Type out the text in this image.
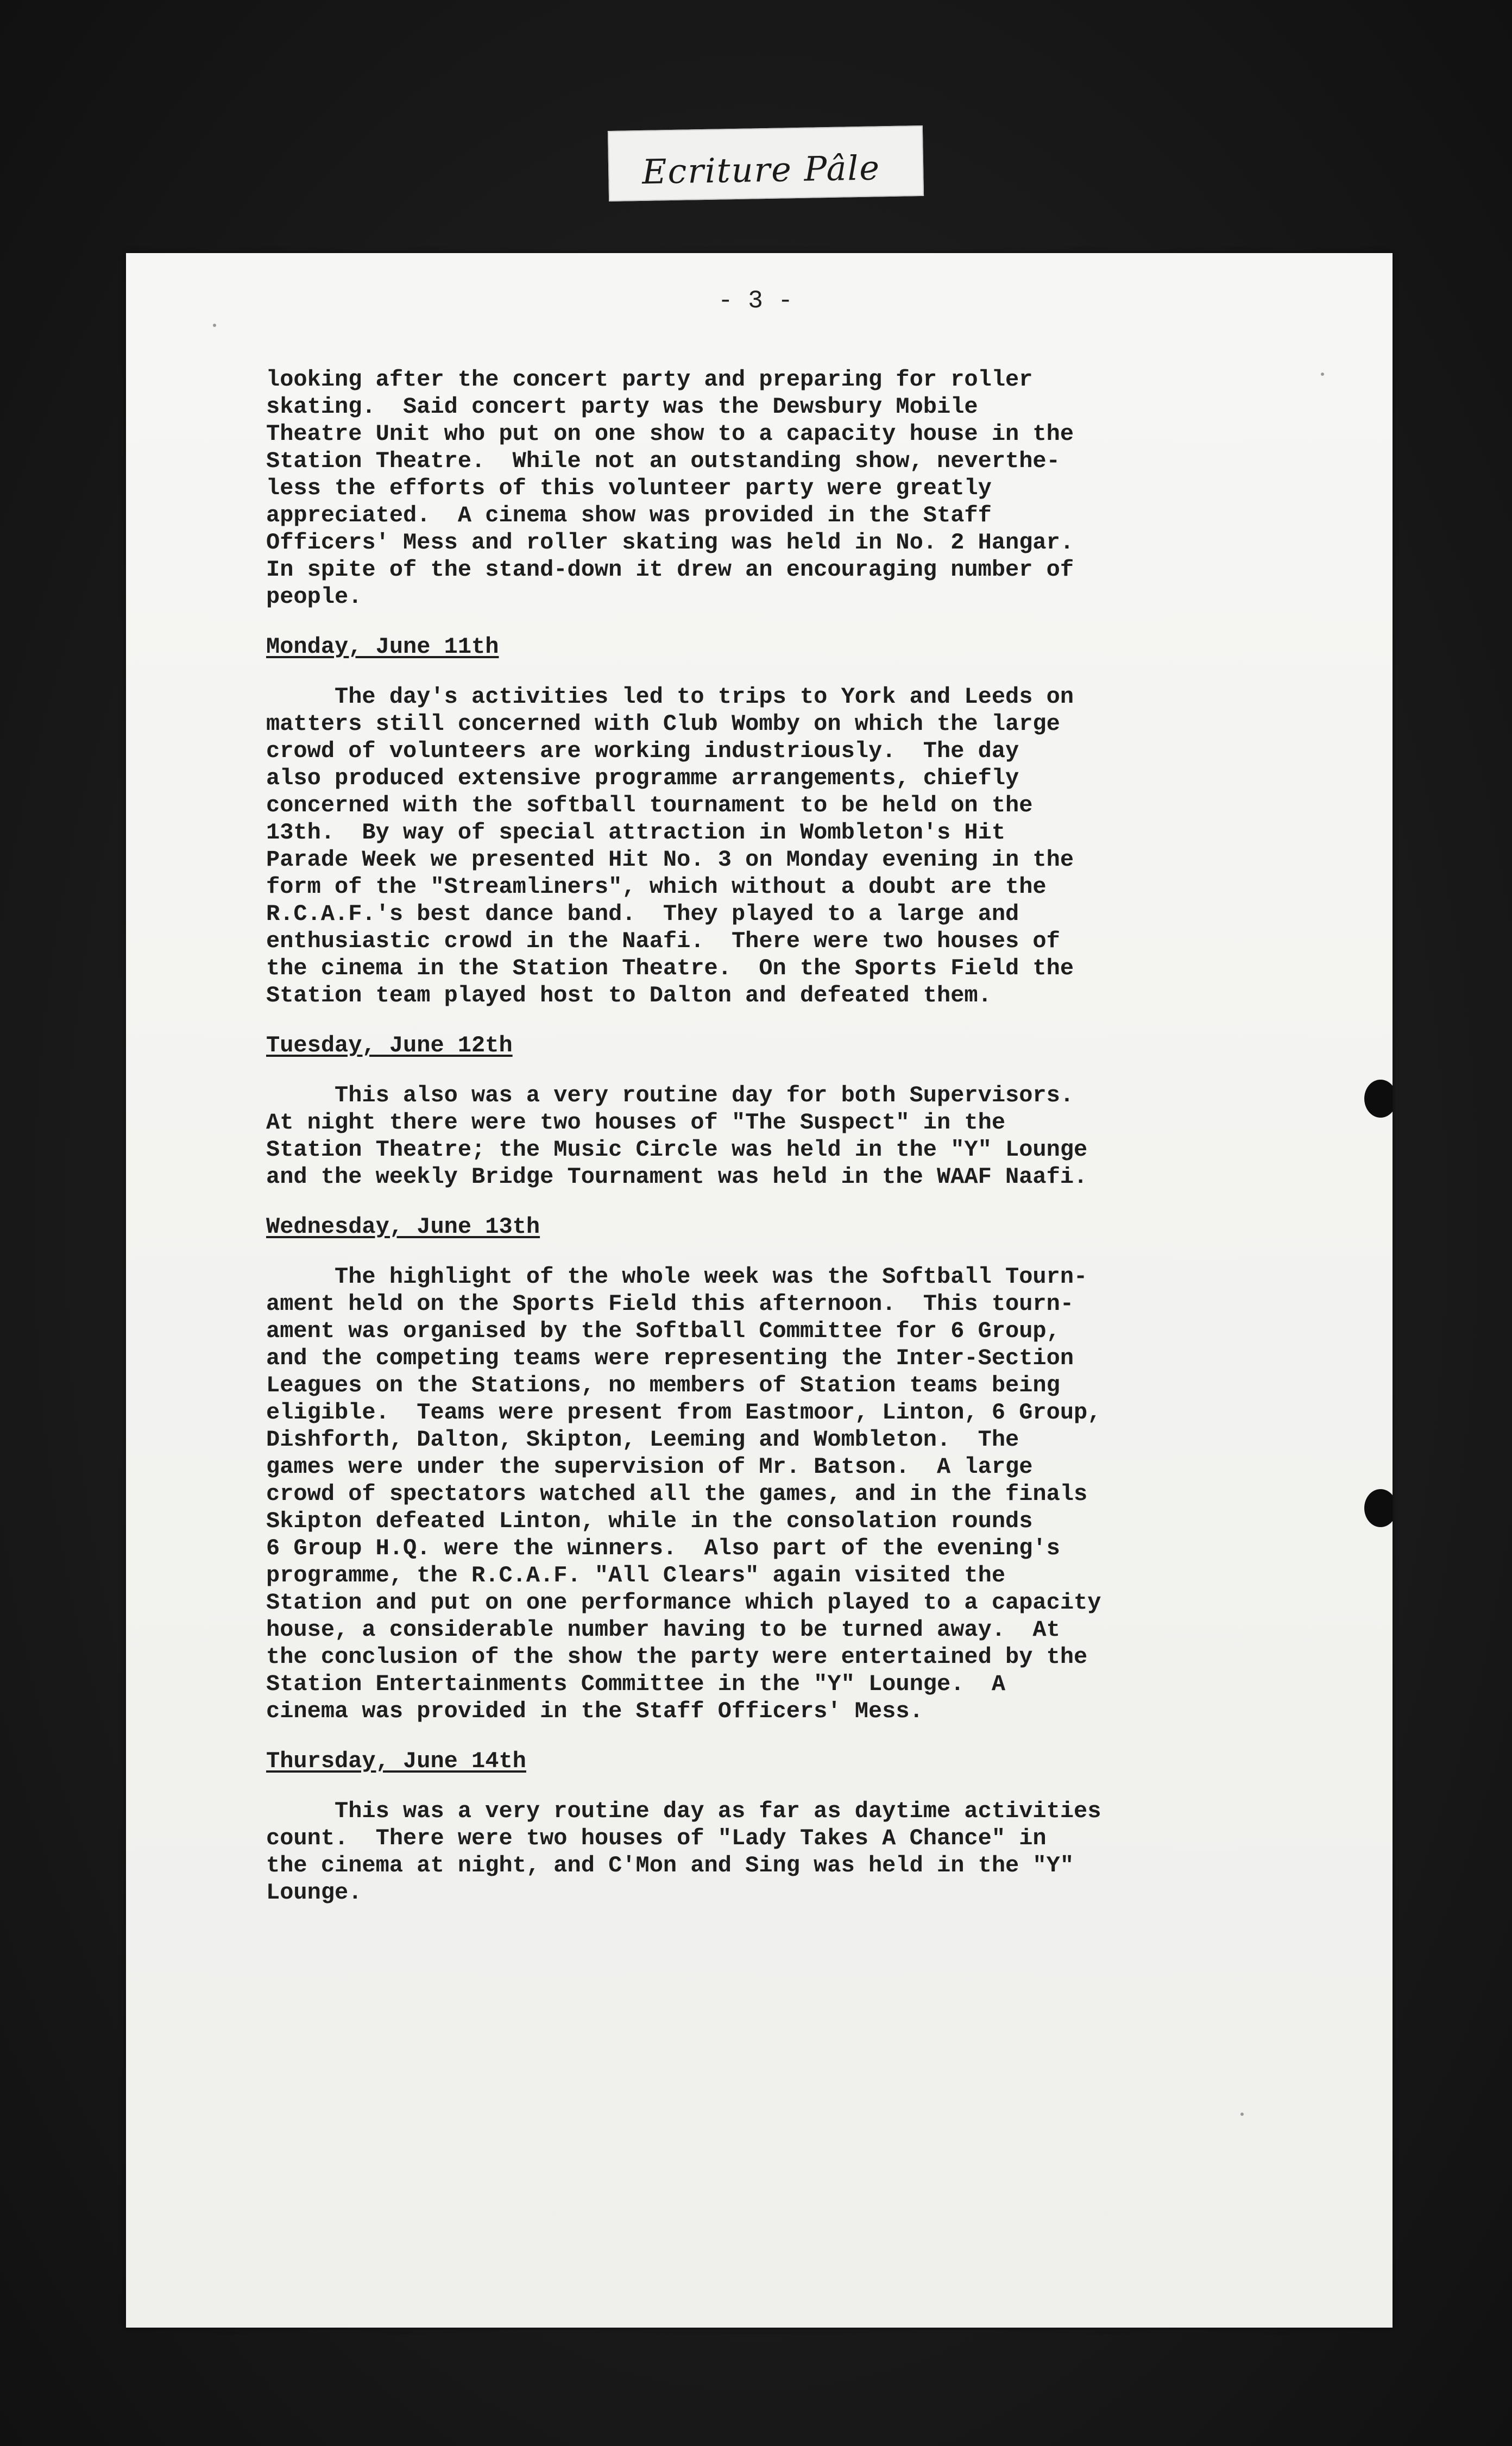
Ecriture Pâle
- 3 -
looking after the concert party and preparing for roller
skating.  Said concert party was the Dewsbury Mobile
Theatre Unit who put on one show to a capacity house in the
Station Theatre.  While not an outstanding show, neverthe-
less the efforts of this volunteer party were greatly
appreciated.  A cinema show was provided in the Staff
Officers' Mess and roller skating was held in No. 2 Hangar.
In spite of the stand-down it drew an encouraging number of
people.
Monday, June 11th
The day's activities led to trips to York and Leeds on
matters still concerned with Club Womby on which the large
crowd of volunteers are working industriously.  The day
also produced extensive programme arrangements, chiefly
concerned with the softball tournament to be held on the
13th.  By way of special attraction in Wombleton's Hit
Parade Week we presented Hit No. 3 on Monday evening in the
form of the "Streamliners", which without a doubt are the
R.C.A.F.'s best dance band.  They played to a large and
enthusiastic crowd in the Naafi.  There were two houses of
the cinema in the Station Theatre.  On the Sports Field the
Station team played host to Dalton and defeated them.
Tuesday, June 12th
This also was a very routine day for both Supervisors.
At night there were two houses of "The Suspect" in the
Station Theatre; the Music Circle was held in the "Y" Lounge
and the weekly Bridge Tournament was held in the WAAF Naafi.
Wednesday, June 13th
The highlight of the whole week was the Softball Tourn-
ament held on the Sports Field this afternoon.  This tourn-
ament was organised by the Softball Committee for 6 Group,
and the competing teams were representing the Inter-Section
Leagues on the Stations, no members of Station teams being
eligible.  Teams were present from Eastmoor, Linton, 6 Group,
Dishforth, Dalton, Skipton, Leeming and Wombleton.  The
games were under the supervision of Mr. Batson.  A large
crowd of spectators watched all the games, and in the finals
Skipton defeated Linton, while in the consolation rounds
6 Group H.Q. were the winners.  Also part of the evening's
programme, the R.C.A.F. "All Clears" again visited the
Station and put on one performance which played to a capacity
house, a considerable number having to be turned away.  At
the conclusion of the show the party were entertained by the
Station Entertainments Committee in the "Y" Lounge.  A
cinema was provided in the Staff Officers' Mess.
Thursday, June 14th
This was a very routine day as far as daytime activities
count.  There were two houses of "Lady Takes A Chance" in
the cinema at night, and C'Mon and Sing was held in the "Y"
Lounge.
